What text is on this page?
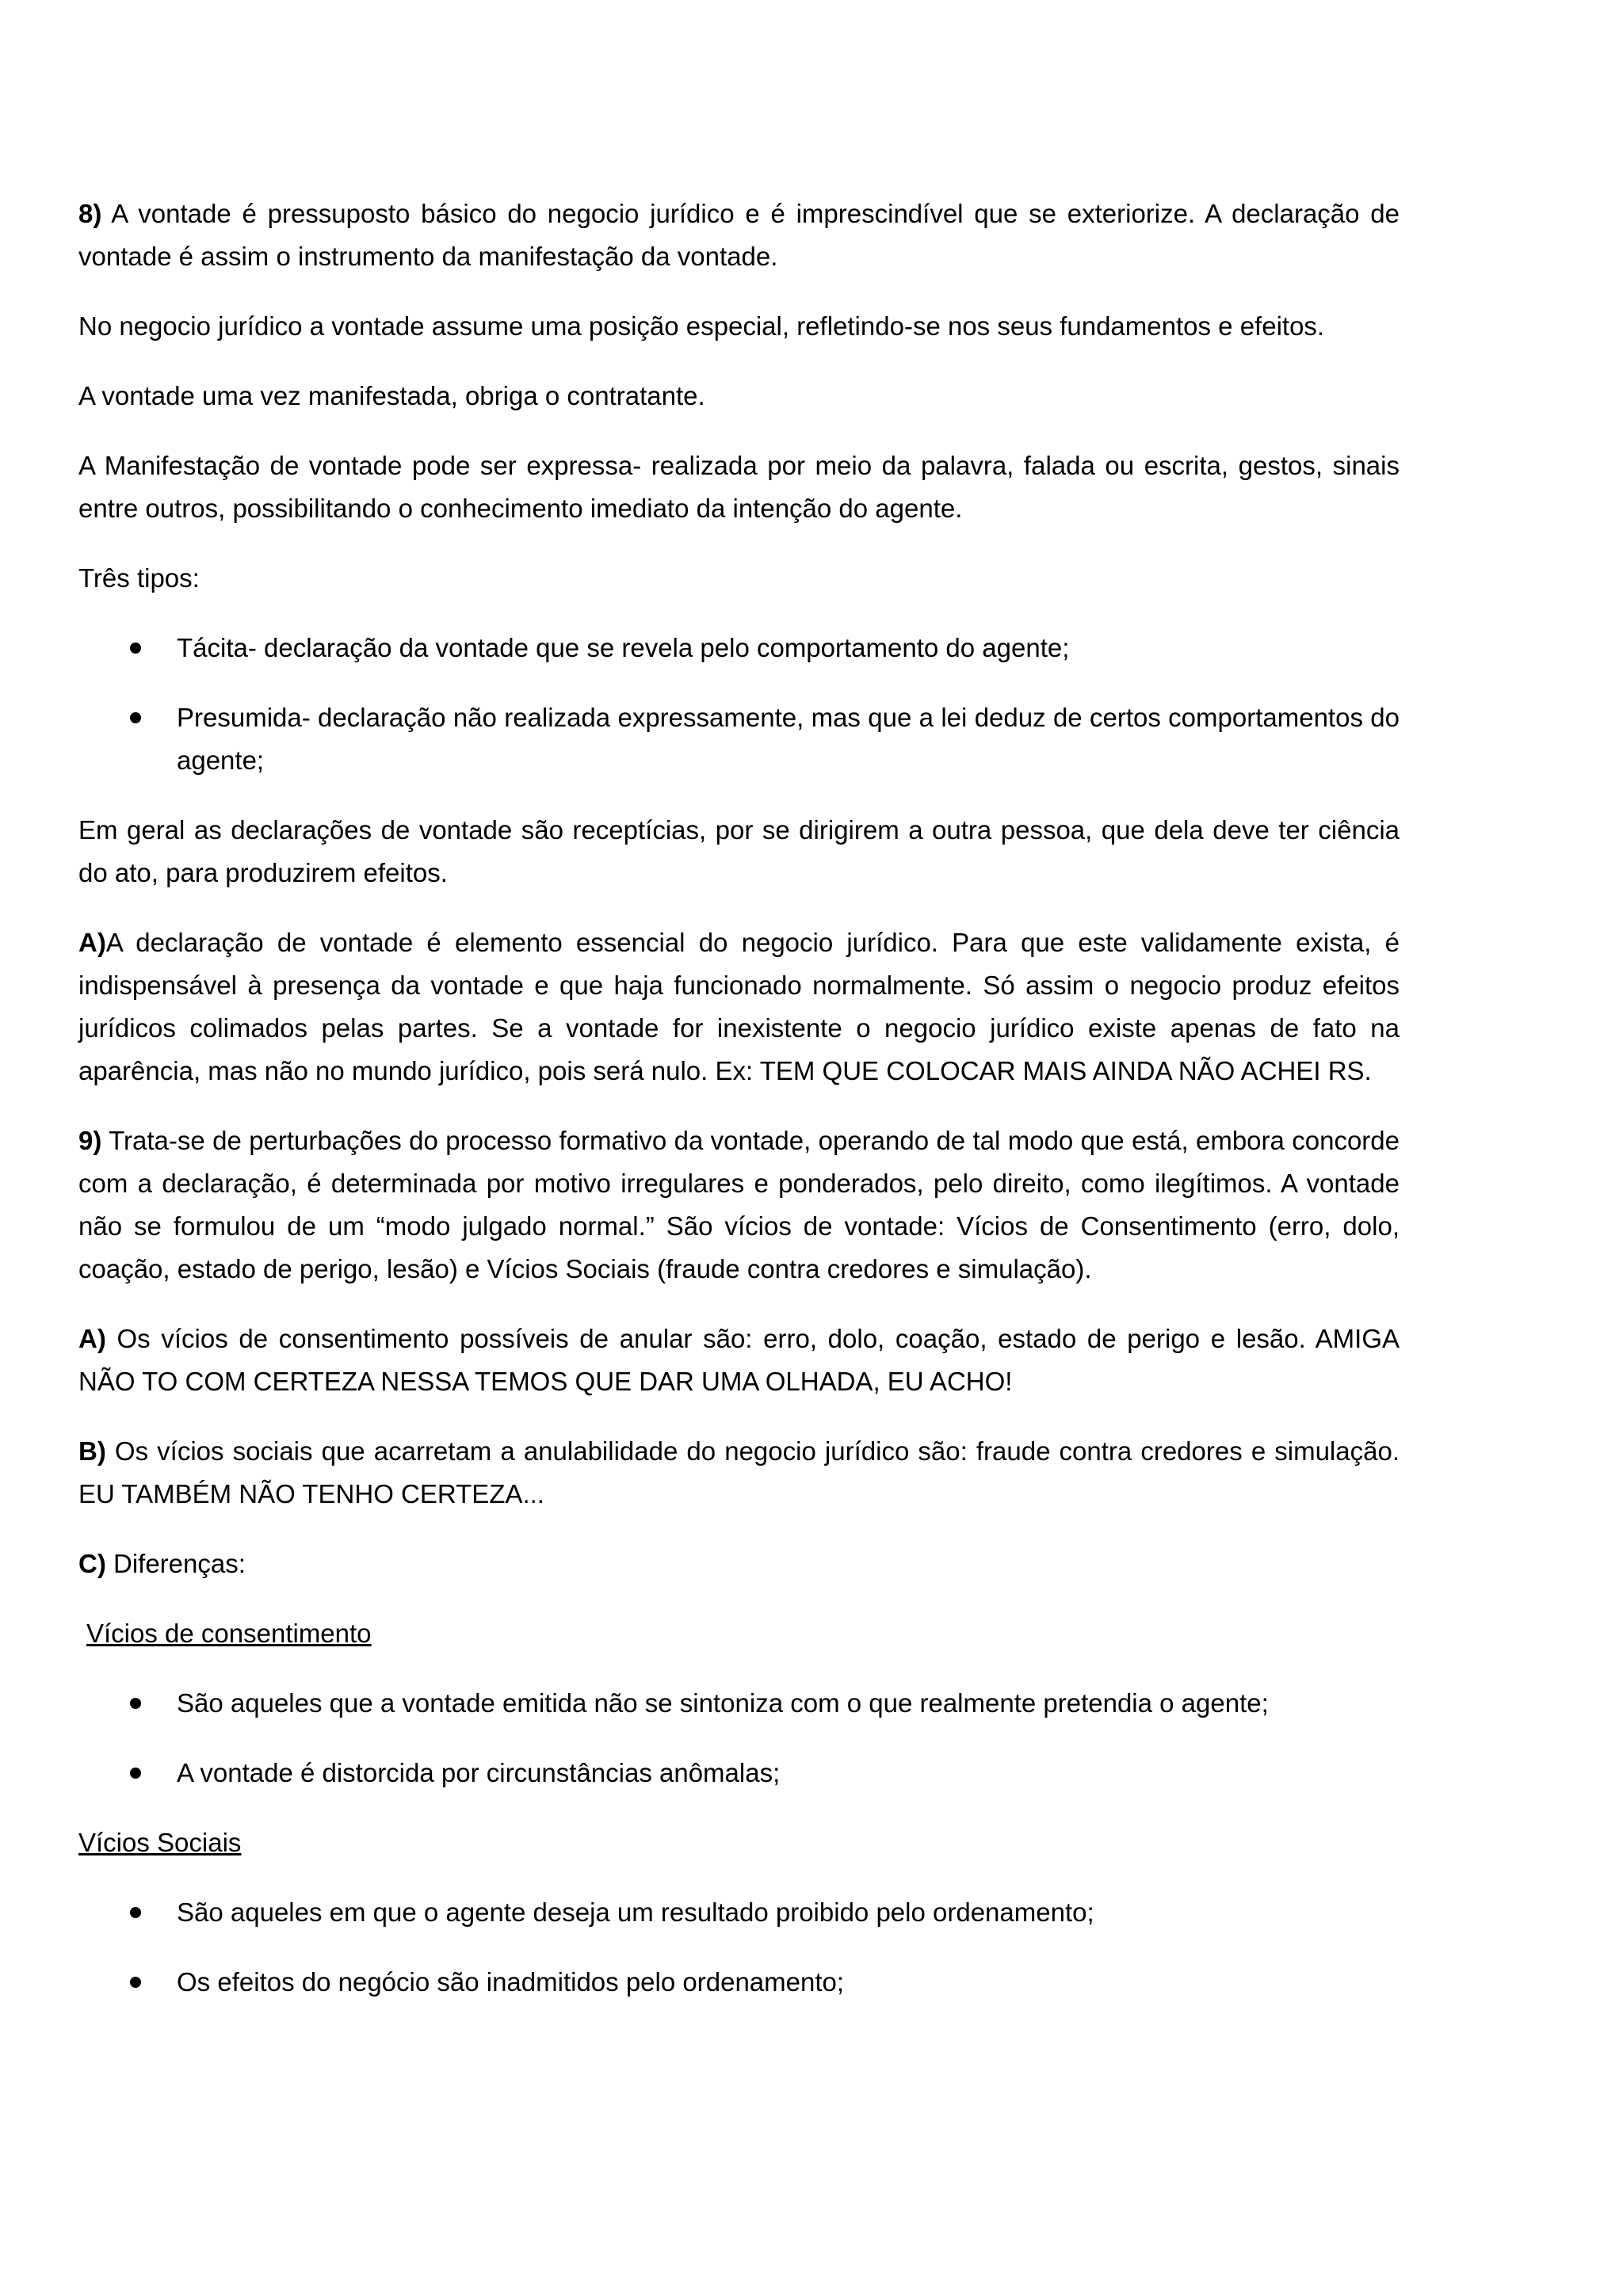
8) A vontade é pressuposto básico do negocio jurídico e é imprescindível que se exteriorize. A declaração de vontade é assim o instrumento da manifestação da vontade.

No negocio jurídico a vontade assume uma posição especial, refletindo-se nos seus fundamentos e efeitos.

A vontade uma vez manifestada, obriga o contratante.

A Manifestação de vontade pode ser expressa- realizada por meio da palavra, falada ou escrita, gestos, sinais entre outros, possibilitando o conhecimento imediato da intenção do agente.

Três tipos:

Tácita- declaração da vontade que se revela pelo comportamento do agente;
Presumida- declaração não realizada expressamente, mas que a lei deduz de certos comportamentos do agente;

Em geral as declarações de vontade são receptícias, por se dirigirem a outra pessoa, que dela deve ter ciência do ato, para produzirem efeitos.

A)A declaração de vontade é elemento essencial do negocio jurídico. Para que este validamente exista, é indispensável à presença da vontade e que haja funcionado normalmente. Só assim o negocio produz efeitos jurídicos colimados pelas partes. Se a vontade for inexistente o negocio jurídico existe apenas de fato na aparência, mas não no mundo jurídico, pois será nulo. Ex: TEM QUE COLOCAR MAIS AINDA NÃO ACHEI RS.

9) Trata-se de perturbações do processo formativo da vontade, operando de tal modo que está, embora concorde com a declaração, é determinada por motivo irregulares e ponderados, pelo direito, como ilegítimos. A vontade não se formulou de um “modo julgado normal.” São vícios de vontade: Vícios de Consentimento (erro, dolo, coação, estado de perigo, lesão) e Vícios Sociais (fraude contra credores e simulação).

A) Os vícios de consentimento possíveis de anular são: erro, dolo, coação, estado de perigo e lesão. AMIGA NÃO TO COM CERTEZA NESSA TEMOS QUE DAR UMA OLHADA, EU ACHO!

B) Os vícios sociais que acarretam a anulabilidade do negocio jurídico são: fraude contra credores e simulação. EU TAMBÉM NÃO TENHO CERTEZA...

C) Diferenças:

Vícios de consentimento
São aqueles que a vontade emitida não se sintoniza com o que realmente pretendia o agente;
A vontade é distorcida por circunstâncias anômalas;
Vícios Sociais
São aqueles em que o agente deseja um resultado proibido pelo ordenamento;
Os efeitos do negócio são inadmitidos pelo ordenamento;
